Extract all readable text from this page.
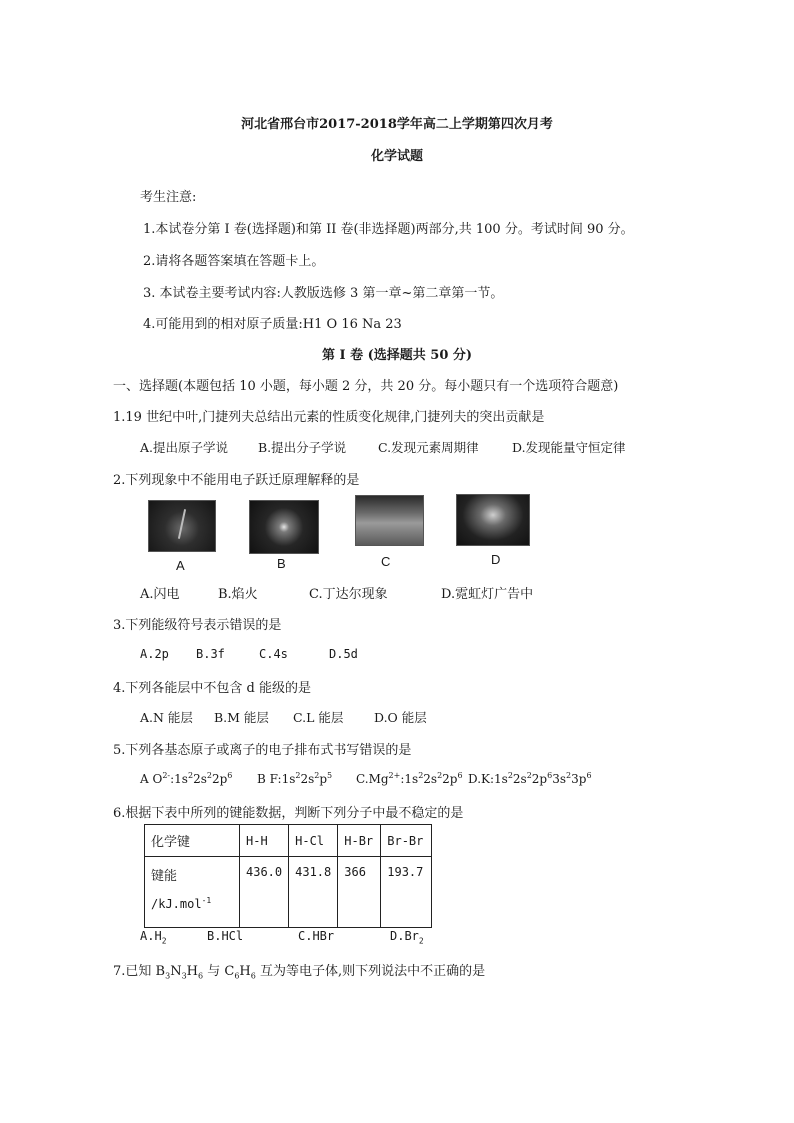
河北省邢台市2017-2018学年高二上学期第四次月考
化学试题
考生注意:
1.本试卷分第 I 卷(选择题)和第 II 卷(非选择题)两部分,共 100 分。考试时间 90 分。
2.请将各题答案填在答题卡上。
3. 本试卷主要考试内容:人教版选修 3 第一章~第二章第一节。
4.可能用到的相对原子质量:H1 O 16 Na 23
第 I 卷 (选择题共 50 分)
一、选择题(本题包括 10 小题，每小题 2 分，共 20 分。每小题只有一个选项符合题意)
1.19 世纪中叶,门捷列夫总结出元素的性质变化规律,门捷列夫的突出贡献是
A.提出原子学说 B.提出分子学说	C.发现元素周期律	D.发现能量守恒定律
2.下列现象中不能用电子跃迁原理解释的是
A	B	C	D
A.闪电	B.焰火	C.丁达尔现象	D.霓虹灯广告中
3.下列能级符号表示错误的是
A.2p B.3f	C.4s	D.5d
4.下列各能层中不包含 d 能级的是
A.N 能层 B.M 能层 C.L 能层 D.O 能层
5.下列各基态原子或离子的电子排布式书写错误的是
A $O^{2-}:1s^22s^22p^6$ B $F:1s^22s^2p^5$ $C.Mg^{2+}:1s^22s^22p^6$ $D.K:1s^22s^22p^63s^23p^6$
6.根据下表中所列的键能数据，判断下列分子中最不稳定的是
化学键	H-H	H-Cl	H-Br	Br-Br

键能
/kJ.mol$^{-1}$	436.0	431.8	366	193.7
$A.H_2$	B.HCl	C.HBr	$D.Br_2$
7.已知 $B_3N_3H_6$ 与 $C_6H_6$ 互为等电子体,则下列说法中不正确的是
